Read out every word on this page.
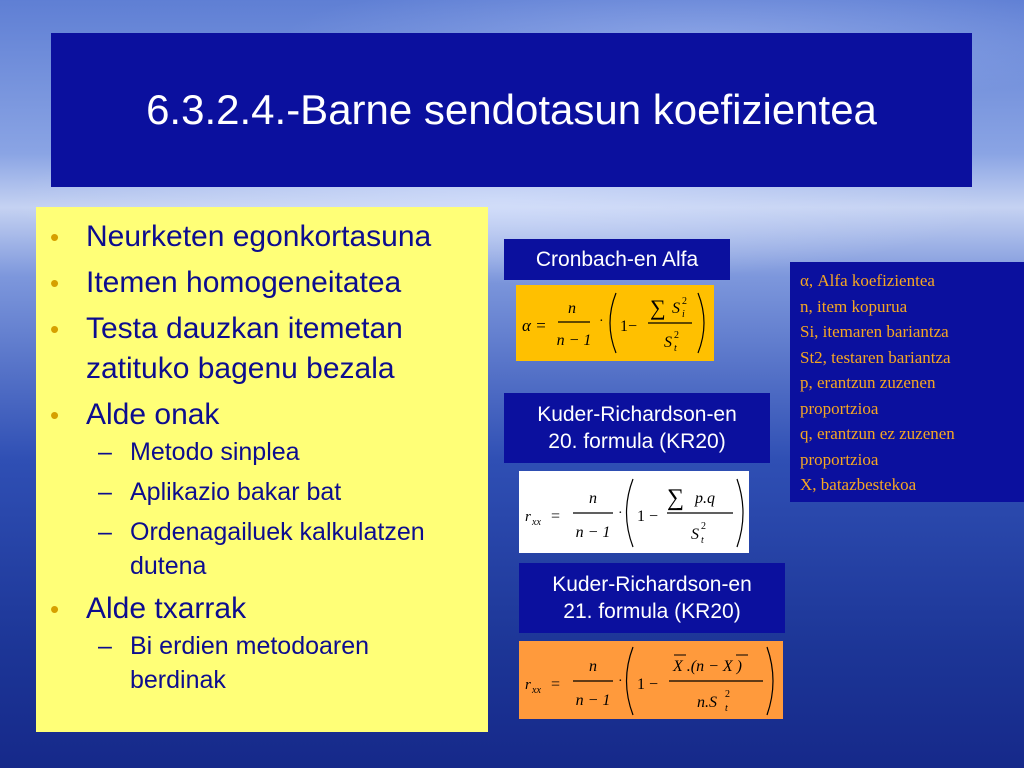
6.3.2.4.-Barne sendotasun koefizientea
• Neurketen egonkortasuna
• Itemen homogeneitatea
• Testa dauzkan itemetan zatituko bagenu bezala
• Alde onak
– Metodo sinplea
– Aplikazio bakar bat
– Ordenagailuek kalkulatzen dutena
• Alde txarrak
– Bi erdien metodoaren berdinak
Cronbach-en Alfa
α =
n
n − 1
· 1−
∑ S 2
i
S 2
t
Kuder-Richardson-en
20. formula (KR20)
r xx =
n
n − 1
· 1 −
∑ p.q
S 2
t
Kuder-Richardson-en
21. formula (KR20)
r xx =
n
n − 1
· 1 −
X .(n − X )
n.S 2
t
α, Alfa koefizientea
n, item kopurua
Si, itemaren bariantza
St2, testaren bariantza
p, erantzun zuzenen
proportzioa
q, erantzun ez zuzenen
proportzioa
X, batazbestekoa
